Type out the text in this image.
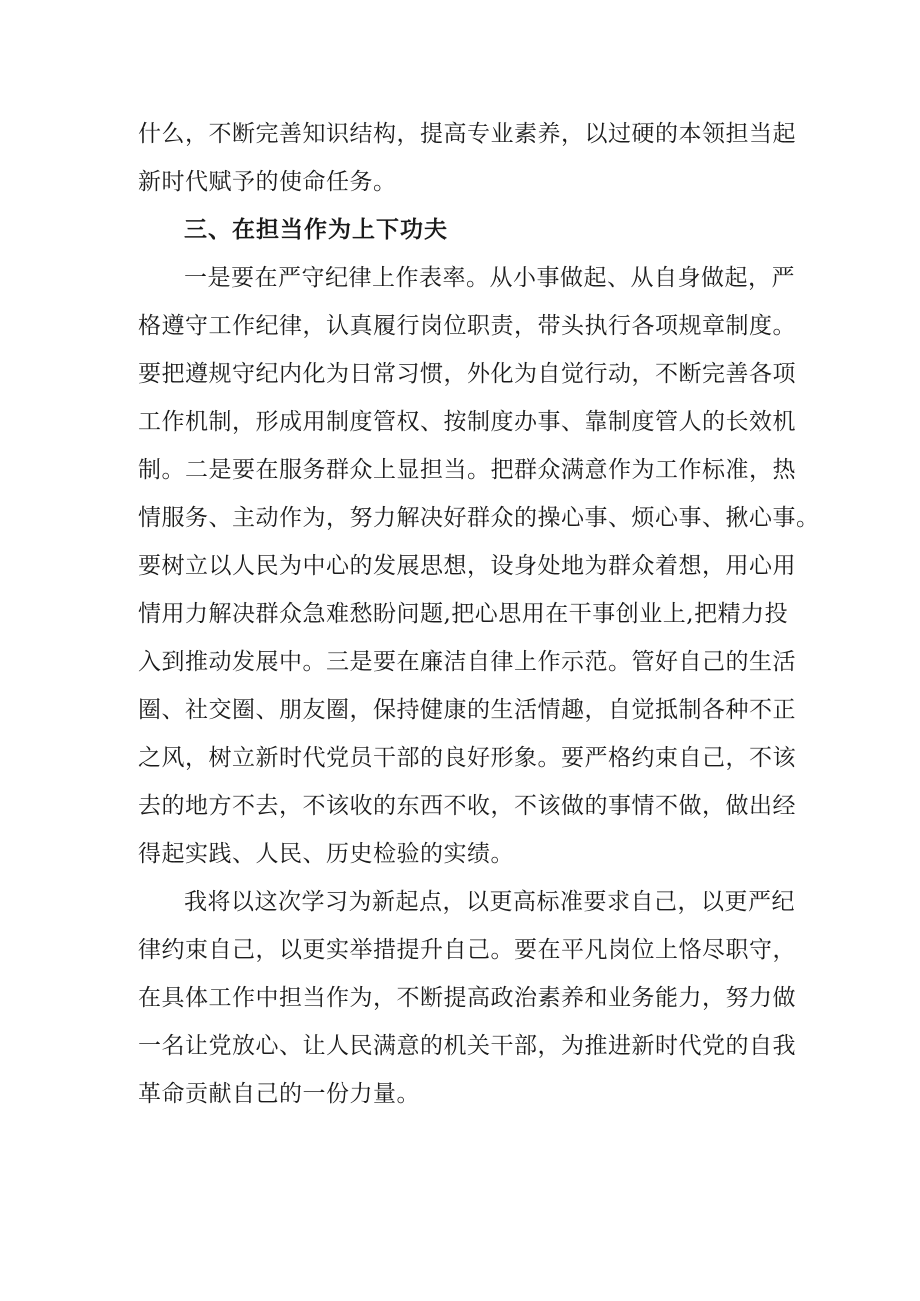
什么，不断完善知识结构，提高专业素养，以过硬的本领担当起
新时代赋予的使命任务。
三、在担当作为上下功夫
一是要在严守纪律上作表率。从小事做起、从自身做起，严
格遵守工作纪律，认真履行岗位职责，带头执行各项规章制度。
要把遵规守纪内化为日常习惯，外化为自觉行动，不断完善各项
工作机制，形成用制度管权、按制度办事、靠制度管人的长效机
制。二是要在服务群众上显担当。把群众满意作为工作标准，热
情服务、主动作为，努力解决好群众的操心事、烦心事、揪心事。
要树立以人民为中心的发展思想，设身处地为群众着想，用心用
情用力解决群众急难愁盼问题,把心思用在干事创业上,把精力投
入到推动发展中。三是要在廉洁自律上作示范。管好自己的生活
圈、社交圈、朋友圈，保持健康的生活情趣，自觉抵制各种不正
之风，树立新时代党员干部的良好形象。要严格约束自己，不该
去的地方不去，不该收的东西不收，不该做的事情不做，做出经
得起实践、人民、历史检验的实绩。
我将以这次学习为新起点，以更高标准要求自己，以更严纪
律约束自己，以更实举措提升自己。要在平凡岗位上恪尽职守，
在具体工作中担当作为，不断提高政治素养和业务能力，努力做
一名让党放心、让人民满意的机关干部，为推进新时代党的自我
革命贡献自己的一份力量。
